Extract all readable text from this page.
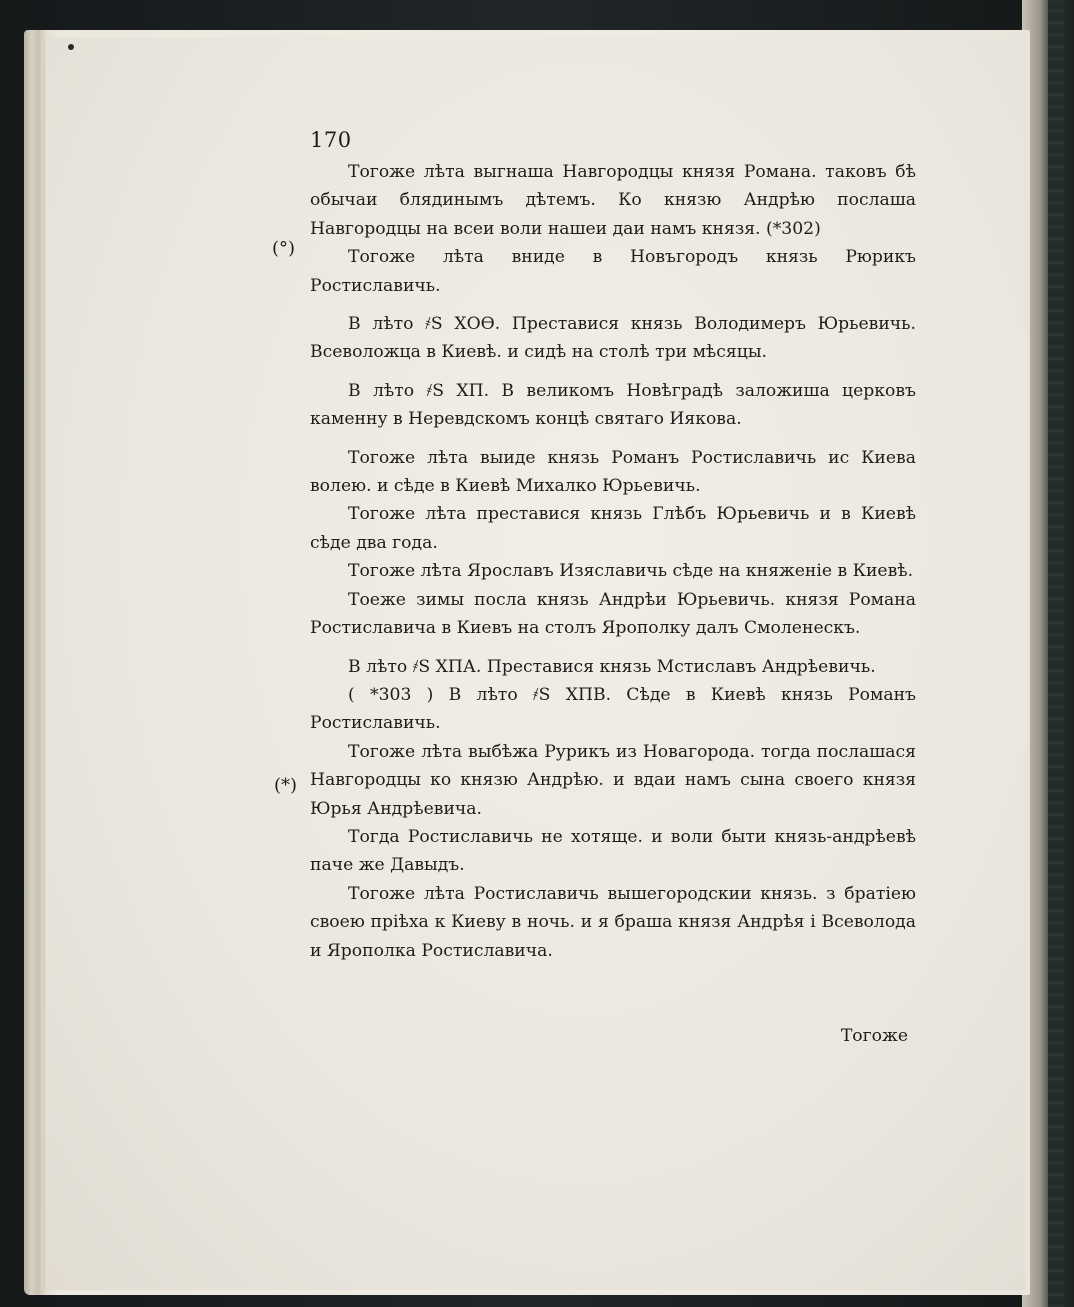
170
(°)
(*)

Тогоже лѣта выгнаша Навгородцы князя Романа. таковъ бѣ обычаи блядинымъ дѣтемъ. Ко князю Андрѣю послаша Навгородцы на всеи воли нашеи даи намъ князя. (*302)

Тогоже лѣта вниде в Новъгородъ князь Рюрикъ Ростиславичь.

В лѣто ҂S ХОѲ. Преставися князь Володимеръ Юрьевичь. Всеволожца в Киевѣ. и сидѣ на столѣ три мѣсяцы.

В лѣто ҂S ХП. В великомъ Новѣградѣ заложиша церковъ каменну в Неревдскомъ концѣ святаго Иякова.

Тогоже лѣта выиде князь Романъ Ростиславичь ис Киева волею. и сѣде в Киевѣ Михалко Юрьевичь.

Тогоже лѣта преставися князь Глѣбъ Юрьевичь и в Киевѣ сѣде два года.

Тогоже лѣта Ярославъ Изяславичь сѣде на княженiе в Киевѣ.

Тоеже зимы посла князь Андрѣи Юрьевичь. князя Романа Ростиславича в Киевъ на столъ Ярополку далъ Смоленескъ.

В лѣто ҂S ХПА. Преставися князь Мстиславъ Андрѣевичь.

( *303 ) В лѣто ҂S ХПВ. Сѣде в Киевѣ князь Романъ Ростиславичь.

Тогоже лѣта выбѣжа Рурикъ из Новагорода. тогда послашася Навгородцы ко князю Андрѣю. и вдаи намъ сына своего князя Юрья Андрѣевича.

Тогда Ростиславичь не хотяще. и воли быти князь-андрѣевѣ паче же Давыдъ.

Тогоже лѣта Ростиславичь вышегородскии князь. з братiею своею прiѣха к Киеву в ночь. и я браша князя Андрѣя і Всеволода и Ярополка Ростиславича.

Тогоже
